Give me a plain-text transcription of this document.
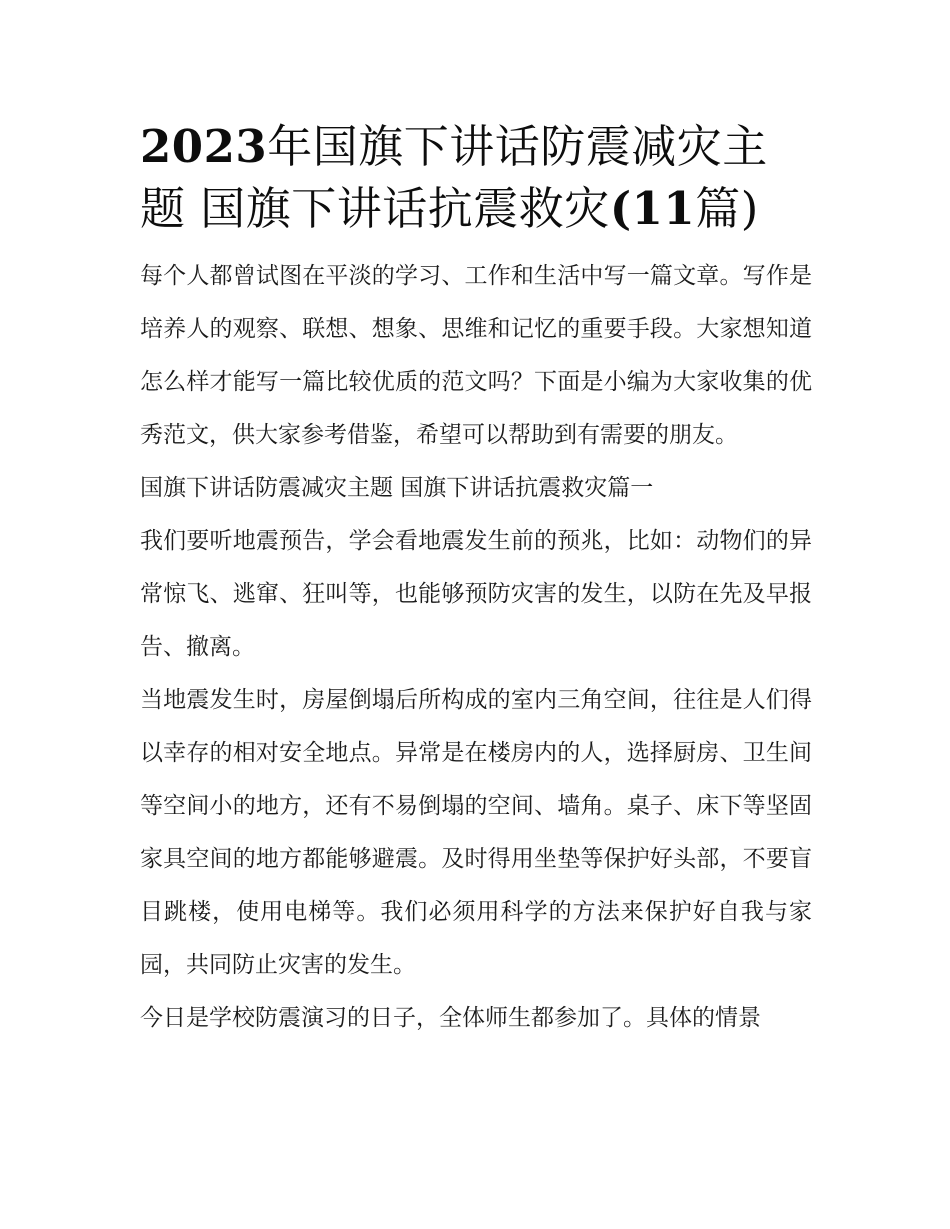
2023年国旗下讲话防震减灾主题 国旗下讲话抗震救灾(11篇)

每个人都曾试图在平淡的学习、工作和生活中写一篇文章。写作是培养人的观察、联想、想象、思维和记忆的重要手段。大家想知道怎么样才能写一篇比较优质的范文吗？下面是小编为大家收集的优秀范文，供大家参考借鉴，希望可以帮助到有需要的朋友。

国旗下讲话防震减灾主题 国旗下讲话抗震救灾篇一

我们要听地震预告，学会看地震发生前的预兆，比如：动物们的异常惊飞、逃窜、狂叫等，也能够预防灾害的发生，以防在先及早报告、撤离。

当地震发生时，房屋倒塌后所构成的室内三角空间，往往是人们得以幸存的相对安全地点。异常是在楼房内的人，选择厨房、卫生间等空间小的地方，还有不易倒塌的空间、墙角。桌子、床下等坚固家具空间的地方都能够避震。及时得用坐垫等保护好头部，不要盲目跳楼，使用电梯等。我们必须用科学的方法来保护好自我与家园，共同防止灾害的发生。

今日是学校防震演习的日子，全体师生都参加了。具体的情景
